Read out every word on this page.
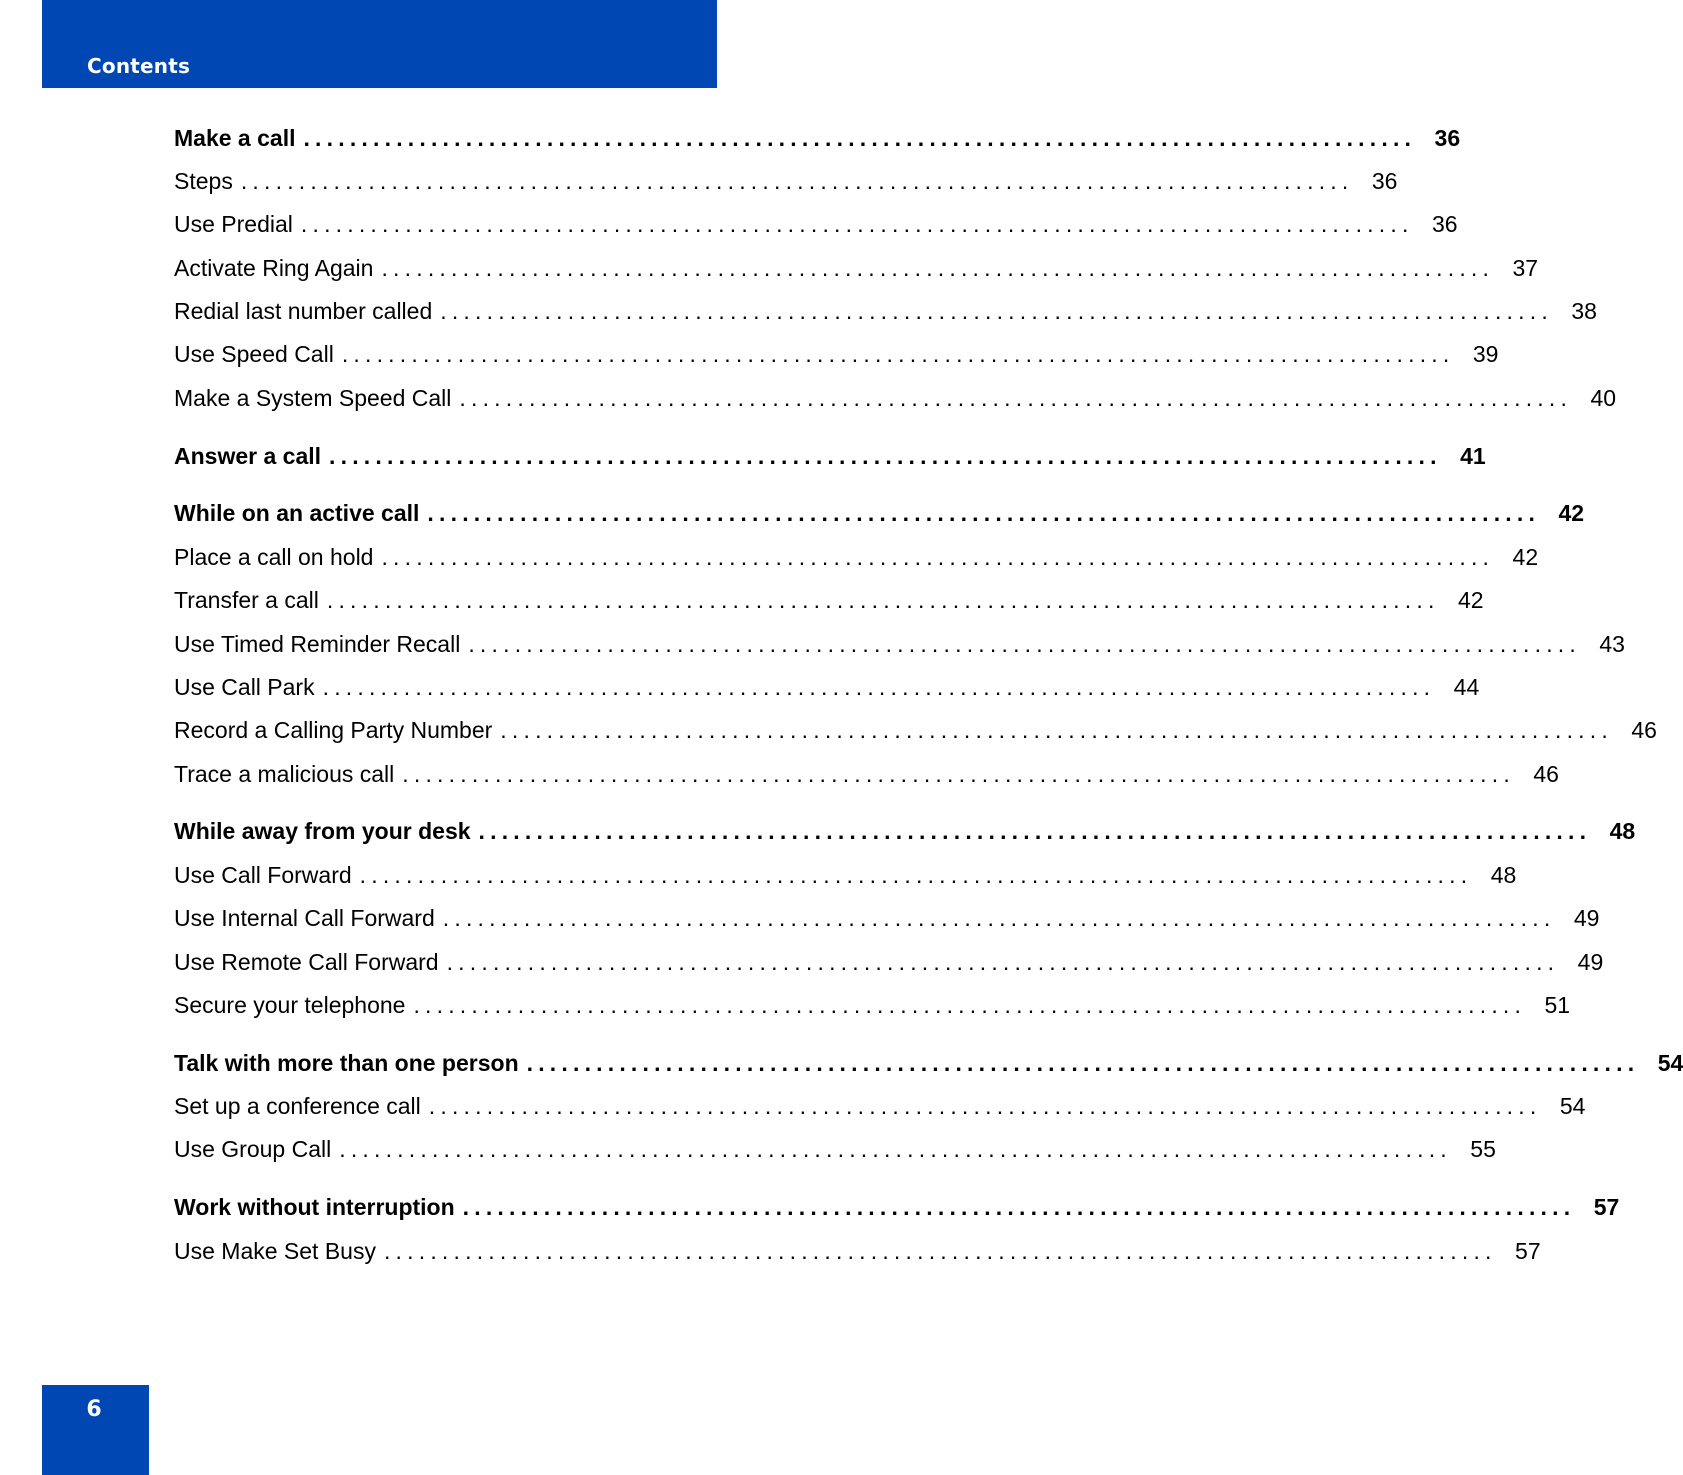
Contents
Make a call ................................................................................................ 36
Steps ................................................................................................ 36
Use Predial ................................................................................................ 36
Activate Ring Again ................................................................................................ 37
Redial last number called ................................................................................................ 38
Use Speed Call ................................................................................................ 39
Make a System Speed Call ................................................................................................ 40
Answer a call ................................................................................................ 41
While on an active call ................................................................................................ 42
Place a call on hold ................................................................................................ 42
Transfer a call ................................................................................................ 42
Use Timed Reminder Recall ................................................................................................ 43
Use Call Park ................................................................................................ 44
Record a Calling Party Number ................................................................................................ 46
Trace a malicious call ................................................................................................ 46
While away from your desk ................................................................................................ 48
Use Call Forward ................................................................................................ 48
Use Internal Call Forward ................................................................................................ 49
Use Remote Call Forward ................................................................................................ 49
Secure your telephone ................................................................................................ 51
Talk with more than one person ................................................................................................ 54
Set up a conference call ................................................................................................ 54
Use Group Call ................................................................................................ 55
Work without interruption ................................................................................................ 57
Use Make Set Busy ................................................................................................ 57
6
